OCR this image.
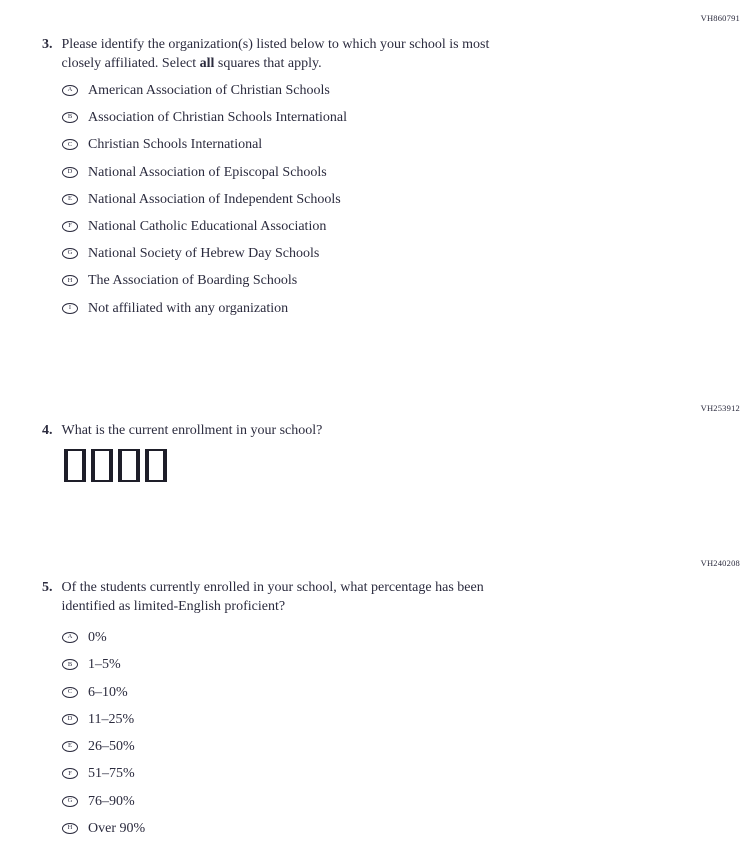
VH860791
VH253912
VH240208
3. Please identify the organization(s) listed below to which your school is most
closely affiliated. Select all squares that apply.
A American Association of Christian Schools
B Association of Christian Schools International
C Christian Schools International
D National Association of Episcopal Schools
E National Association of Independent Schools
F National Catholic Educational Association
G National Society of Hebrew Day Schools
H The Association of Boarding Schools
I Not affiliated with any organization
4. What is the current enrollment in your school?
5. Of the students currently enrolled in your school, what percentage has been
identified as limited-English proficient?
A 0%
B 1–5%
C 6–10%
D 11–25%
E 26–50%
F 51–75%
G 76–90%
H Over 90%
